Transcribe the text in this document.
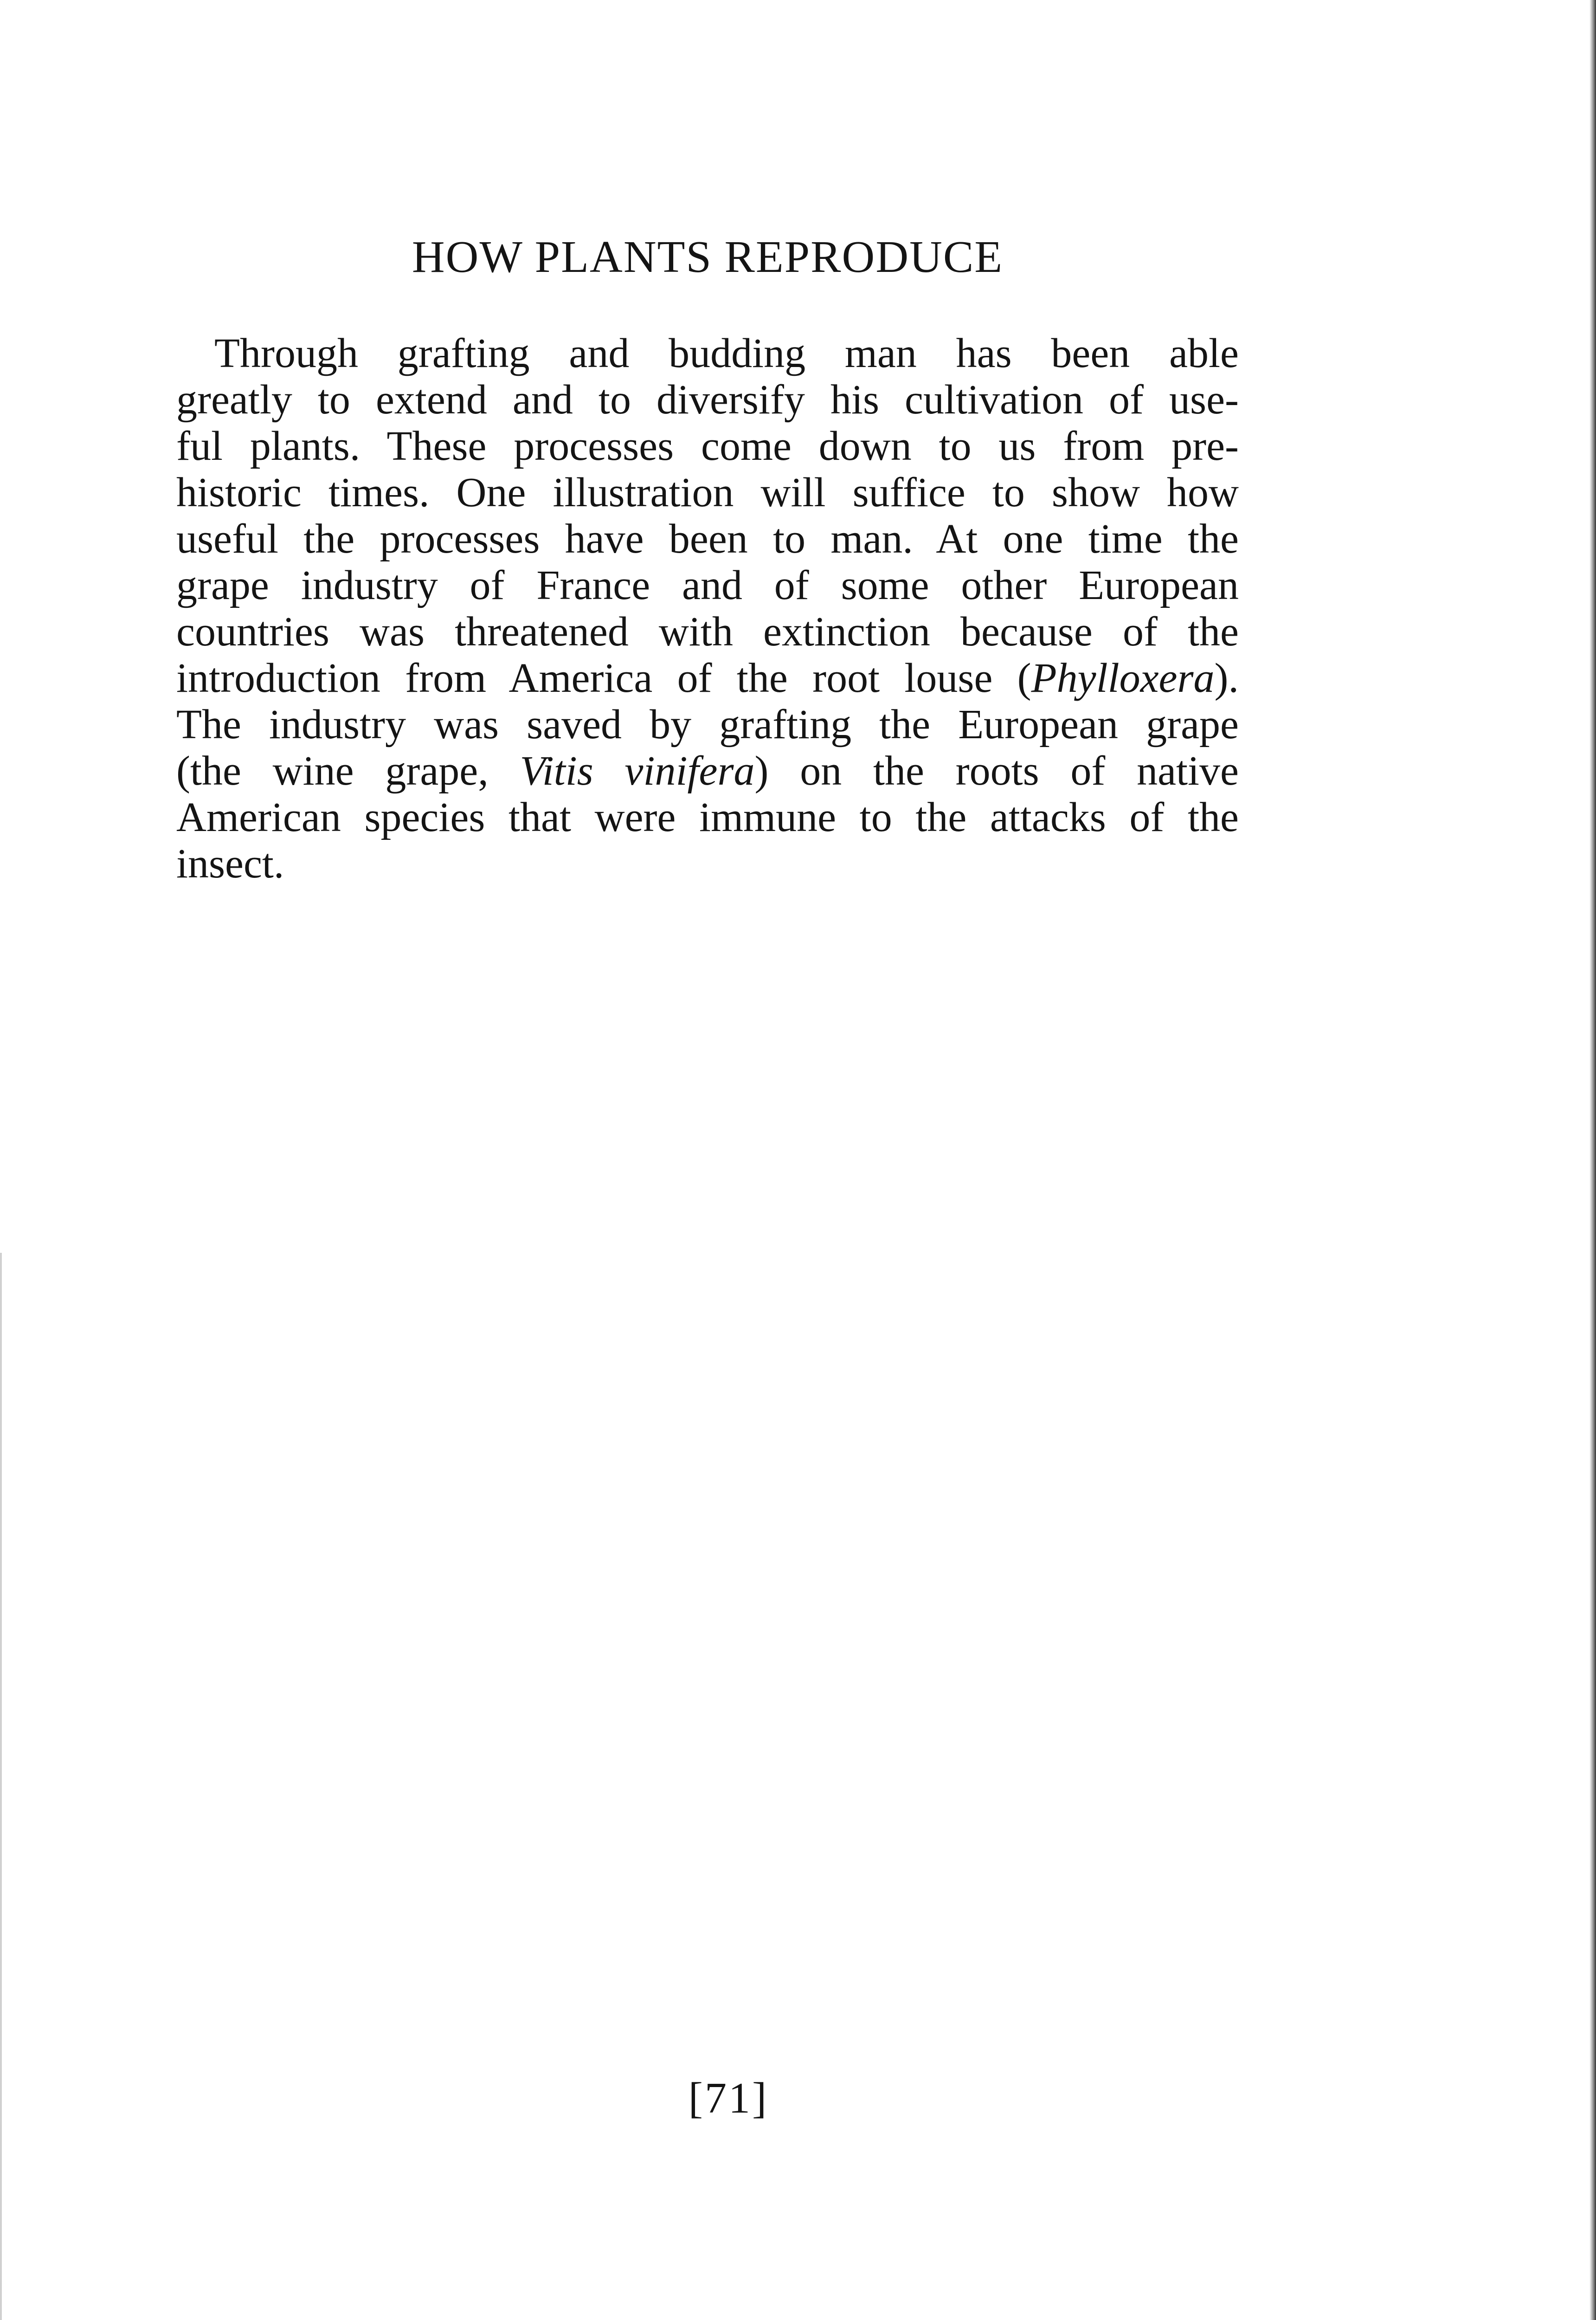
HOW PLANTS REPRODUCE
Through grafting and budding man has been able
greatly to extend and to diversify his cultivation of use-
ful plants. These processes come down to us from pre-
historic times. One illustration will suffice to show how
useful the processes have been to man. At one time the
grape industry of France and of some other European
countries was threatened with extinction because of the
introduction from America of the root louse (Phylloxera).
The industry was saved by grafting the European grape
(the wine grape, Vitis vinifera) on the roots of native
American species that were immune to the attacks of the
insect.
[71]
